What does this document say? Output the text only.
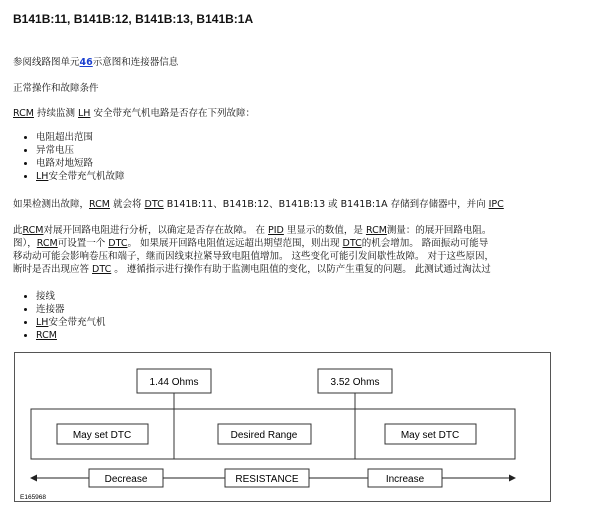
B141B:11, B141B:12, B141B:13, B141B:1A
参阅线路图单元46示意图和连接器信息
正常操作和故障条件
RCM 持续监测 LH 安全带充气机电路是否存在下列故障：
• 电阻超出范围
• 异常电压
• 电路对地短路
• LH安全带充气机故障
如果检测出故障，RCM 就会将 DTC B141B:11、B141B:12、B141B:13 或 B141B:1A 存储到存储器中，并向 IPC
此RCM对展开回路电阻进行分析，以确定是否存在故障。 在 PID 里显示的数值，是 RCM测量：的展开回路电阻。
图），RCM可设置一个 DTC。 如果展开回路电阻值远远超出期望范围，则出现 DTC的机会增加。 路面振动可能导
移动动可能会影响卷压和端子，继而因线束拉紧导致电阻值增加。 这些变化可能引发间歇性故障。 对于这些原因，
断时是否出现应答 DTC 。 遵循指示进行操作有助于监测电阻值的变化，以防产生重复的问题。 此测试通过淘汰过
• 接线
• 连接器
• LH安全带充气机
• RCM
1.44 Ohms	3.52 Ohms
May set DTC	Desired Range	May set DTC
Decrease	RESISTANCE	Increase
E165968
